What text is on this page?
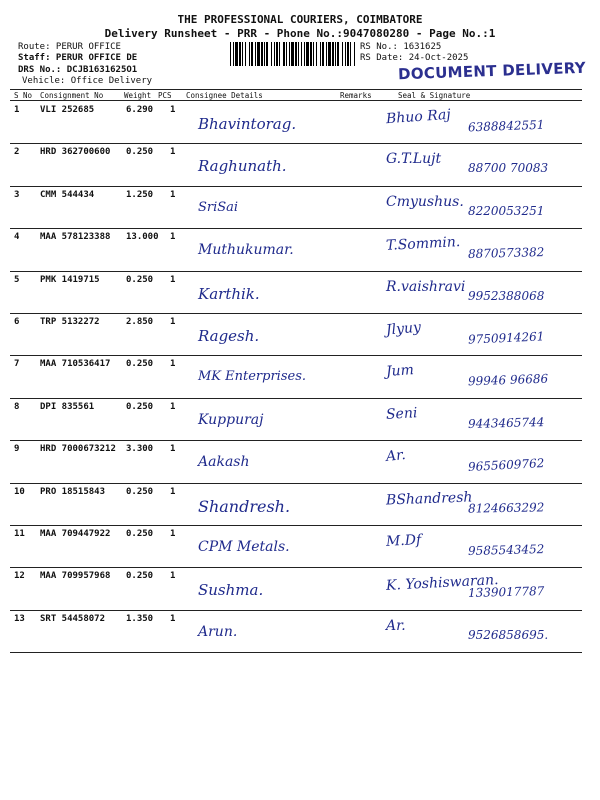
THE PROFESSIONAL COURIERS, COIMBATORE
Delivery Runsheet - PRR - Phone No.:9047080280 - Page No.:1
Route: PERUR OFFICE
Staff: PERUR OFFICE DE
DRS No.: DCJB1631625O1
Vehicle: Office Delivery
RS No.: 1631625
RS Date: 24-Oct-2025
DOCUMENT DELIVERY
S No Consignment No	Weight PCS Consignee Details	Remarks	Seal & Signature
1 VLI 252685	6.290 1
Bhavintorag.	Bhuo Raj 6388842551
2 HRD 362700600 0.250 1
Raghunath.	G.T.Lujt
88700 70083
3 CMM 544434	1.250 1
SriSai	Cmyushus.
8220053251
4 MAA 578123388 13.000 1
Muthukumar.	T.Sommin. 8870573382
5 PMK 1419715	0.250 1
Karthik.	R.vaishravi
9952388068
6 TRP 5132272	2.850 1
Ragesh.	Jlyuy	9750914261
7 MAA 710536417 0.250 1
MK Enterprises.	Jum
99946 96686
8 DPI 835561	0.250 1
Kuppuraj	Seni
9443465744
9 HRD 7000673212 3.300 1
Aakash	Ar.
9655609762
10 PRO 18515843 0.250 1
Shandresh.	BShandresh
8124663292
11 MAA 709447922 0.250 1
CPM Metals.	M.Df
9585543452
12 MAA 709957968 0.250 1
Sushma.	K. Yoshiswaran.
1339017787
13 SRT 54458072 1.350 1
Arun.	Ar.
9526858695.
